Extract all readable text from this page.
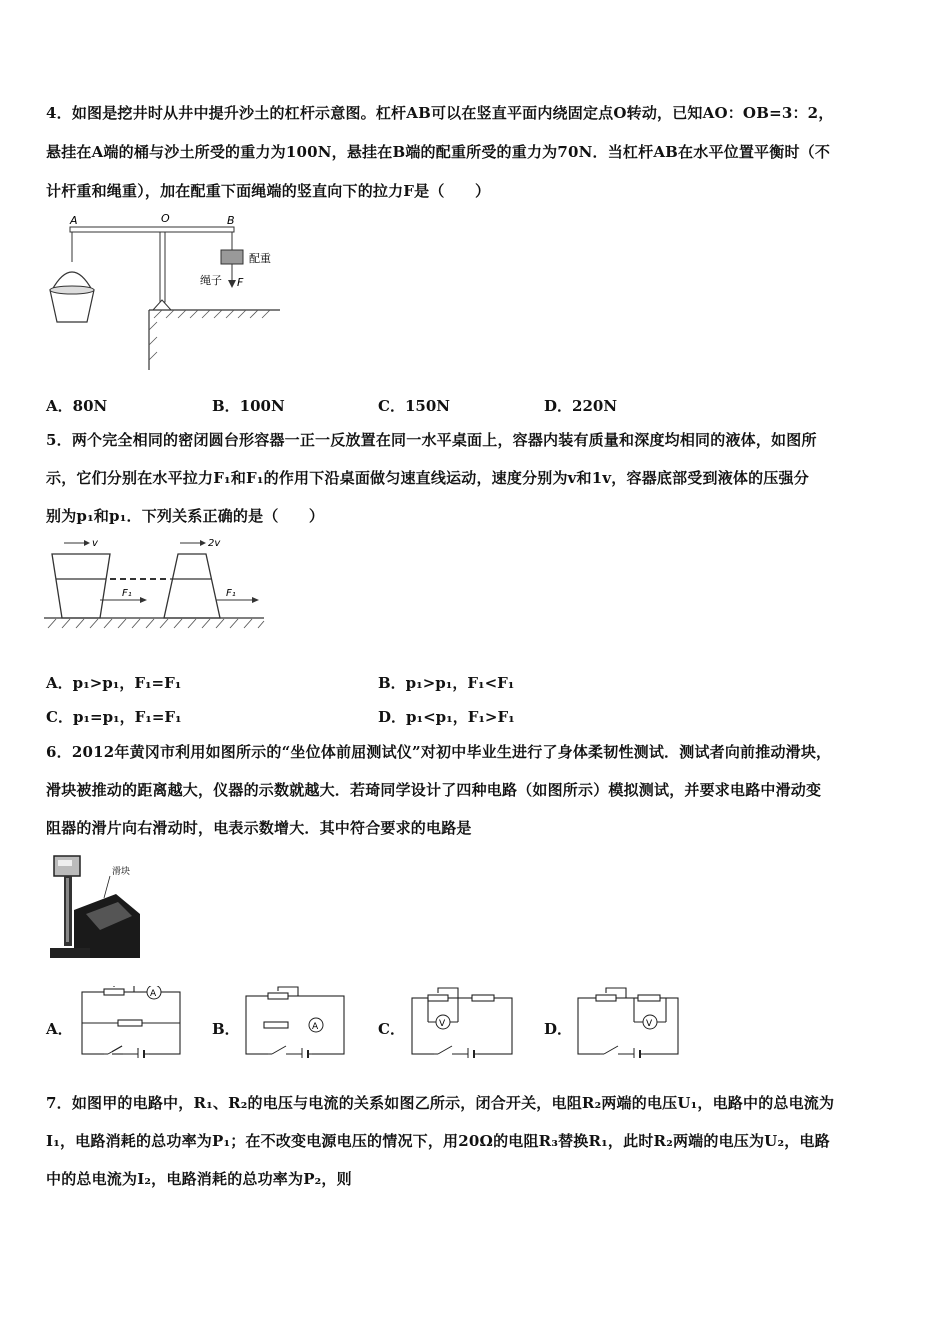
4．如图是挖井时从井中提升沙土的杠杆示意图。杠杆AB可以在竖直平面内绕固定点O转动，已知AO：OB=3：2，
悬挂在A端的桶与沙土所受的重力为100N，悬挂在B端的配重所受的重力为70N．当杠杆AB在水平位置平衡时（不
计杆重和绳重），加在配重下面绳端的竖直向下的拉力F是（　　）
A	O	B
配重
绳子 F
A．80N	B．100N	C．150N	D．220N
5．两个完全相同的密闭圆台形容器一正一反放置在同一水平桌面上，容器内装有质量和深度均相同的液体，如图所
示，它们分别在水平拉力F₁和F₁的作用下沿桌面做匀速直线运动，速度分别为v和1v，容器底部受到液体的压强分
别为p₁和p₁．下列关系正确的是（　　）
v	2v
F₁	F₁
A．p₁>p₁，F₁=F₁	B．p₁>p₁，F₁<F₁
C．p₁=p₁，F₁=F₁	D．p₁<p₁，F₁>F₁
6．2012年黄冈市利用如图所示的“坐位体前屈测试仪”对初中毕业生进行了身体柔韧性测试．测试者向前推动滑块，
滑块被推动的距离越大，仪器的示数就越大．若琦同学设计了四种电路（如图所示）模拟测试，并要求电路中滑动变
阻器的滑片向右滑动时，电表示数增大．其中符合要求的电路是
滑块
A．
A
B．	A	C．	V	D．	V
7．如图甲的电路中，R₁、R₂的电压与电流的关系如图乙所示，闭合开关，电阻R₂两端的电压U₁，电路中的总电流为
I₁，电路消耗的总功率为P₁；在不改变电源电压的情况下，用20Ω的电阻R₃替换R₁，此时R₂两端的电压为U₂，电路
中的总电流为I₂，电路消耗的总功率为P₂，则
